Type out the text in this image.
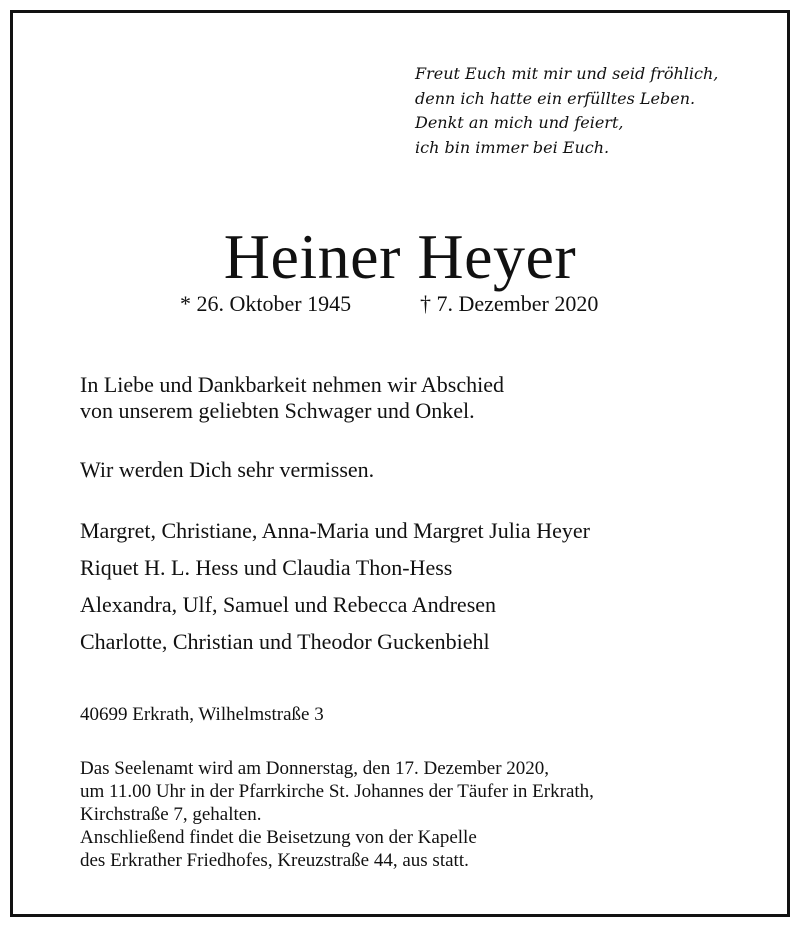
Freut Euch mit mir und seid fröhlich,
denn ich hatte ein erfülltes Leben.
Denkt an mich und feiert,
ich bin immer bei Euch.
Heiner Heyer
* 26. Oktober 1945	† 7. Dezember 2020
In Liebe und Dankbarkeit nehmen wir Abschied
von unserem geliebten Schwager und Onkel.
Wir werden Dich sehr vermissen.
Margret, Christiane, Anna-Maria und Margret Julia Heyer
Riquet H. L. Hess und Claudia Thon-Hess
Alexandra, Ulf, Samuel und Rebecca Andresen
Charlotte, Christian und Theodor Guckenbiehl
40699 Erkrath, Wilhelmstraße 3
Das Seelenamt wird am Donnerstag, den 17. Dezember 2020,
um 11.00 Uhr in der Pfarrkirche St. Johannes der Täufer in Erkrath,
Kirchstraße 7, gehalten.
Anschließend findet die Beisetzung von der Kapelle
des Erkrather Friedhofes, Kreuzstraße 44, aus statt.
